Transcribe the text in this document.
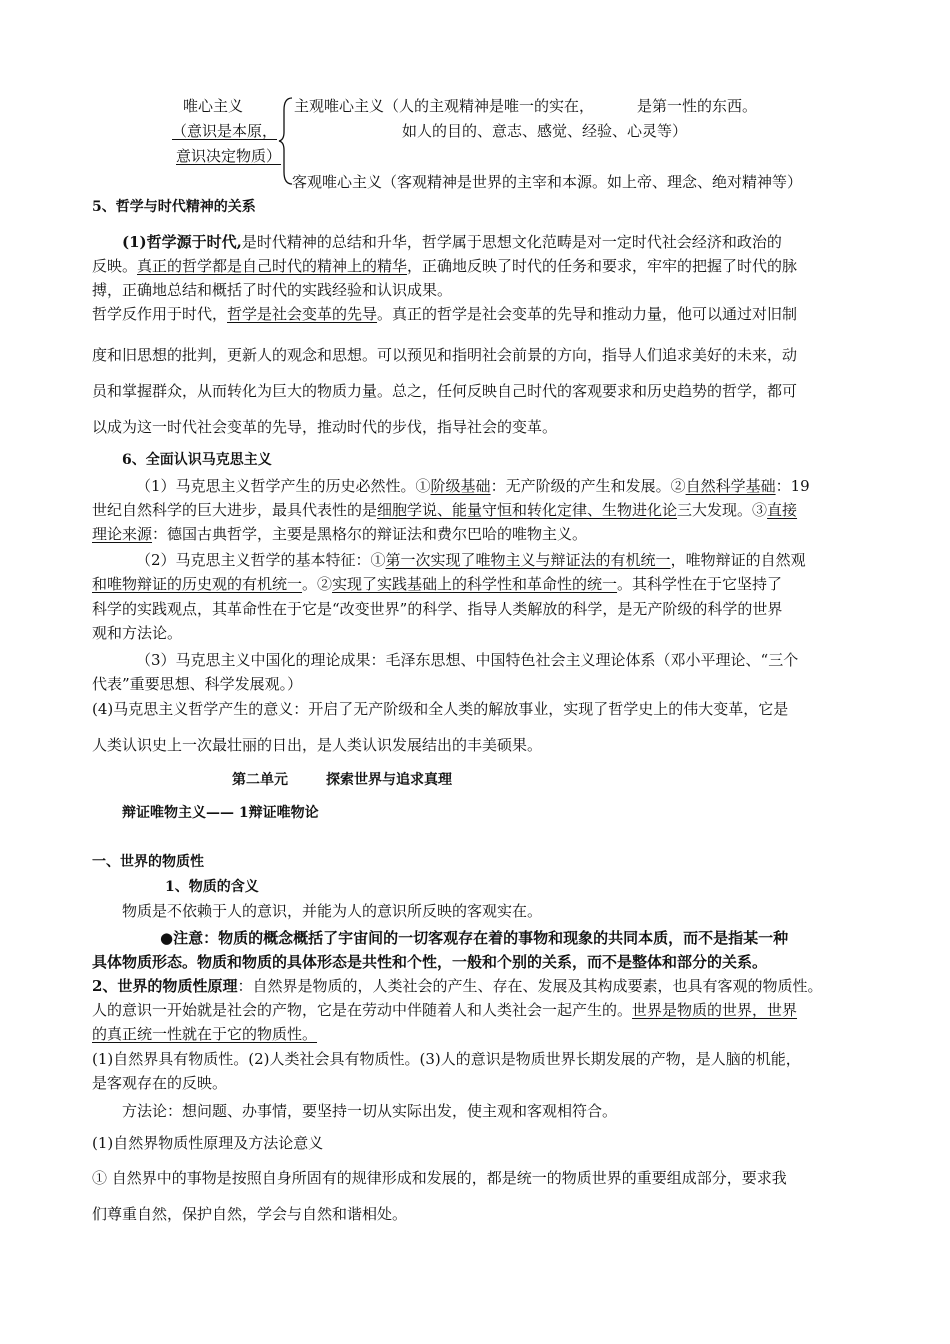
唯心主义
（意识是本原，
意识决定物质）
主观唯心主义（人的主观精神是唯一的实在，	是第一性的东西。
如人的目的、意志、感觉、经验、心灵等）
客观唯心主义（客观精神是世界的主宰和本源。如上帝、理念、绝对精神等）
5、哲学与时代精神的关系
(1)哲学源于时代,是时代精神的总结和升华，哲学属于思想文化范畴是对一定时代社会经济和政治的
反映。真正的哲学都是自己时代的精神上的精华，正确地反映了时代的任务和要求，牢牢的把握了时代的脉
搏，正确地总结和概括了时代的实践经验和认识成果。
哲学反作用于时代，哲学是社会变革的先导。真正的哲学是社会变革的先导和推动力量，他可以通过对旧制
度和旧思想的批判，更新人的观念和思想。可以预见和指明社会前景的方向，指导人们追求美好的未来，动
员和掌握群众，从而转化为巨大的物质力量。总之，任何反映自己时代的客观要求和历史趋势的哲学，都可
以成为这一时代社会变革的先导，推动时代的步伐，指导社会的变革。
6、全面认识马克思主义
（1）马克思主义哲学产生的历史必然性。①阶级基础：无产阶级的产生和发展。②自然科学基础：19
世纪自然科学的巨大进步，最具代表性的是细胞学说、能量守恒和转化定律、生物进化论三大发现。③直接
理论来源：德国古典哲学，主要是黑格尔的辩证法和费尔巴哈的唯物主义。
（2）马克思主义哲学的基本特征：①第一次实现了唯物主义与辩证法的有机统一，唯物辩证的自然观
和唯物辩证的历史观的有机统一。②实现了实践基础上的科学性和革命性的统一。其科学性在于它坚持了
科学的实践观点，其革命性在于它是“改变世界”的科学、指导人类解放的科学，是无产阶级的科学的世界
观和方法论。
（3）马克思主义中国化的理论成果：毛泽东思想、中国特色社会主义理论体系（邓小平理论、“三个
代表”重要思想、科学发展观。）
(4)马克思主义哲学产生的意义：开启了无产阶级和全人类的解放事业，实现了哲学史上的伟大变革，它是
人类认识史上一次最壮丽的日出，是人类认识发展结出的丰美硕果。
第二单元	探索世界与追求真理
辩证唯物主义—— 1辩证唯物论
一、世界的物质性
1、物质的含义
物质是不依赖于人的意识，并能为人的意识所反映的客观实在。
●注意：物质的概念概括了宇宙间的一切客观存在着的事物和现象的共同本质，而不是指某一种
具体物质形态。物质和物质的具体形态是共性和个性，一般和个别的关系，而不是整体和部分的关系。
2、世界的物质性原理：自然界是物质的，人类社会的产生、存在、发展及其构成要素，也具有客观的物质性。
人的意识一开始就是社会的产物，它是在劳动中伴随着人和人类社会一起产生的。世界是物质的世界，世界
的真正统一性就在于它的物质性。
(1)自然界具有物质性。(2)人类社会具有物质性。(3)人的意识是物质世界长期发展的产物，是人脑的机能，
是客观存在的反映。
方法论：想问题、办事情，要坚持一切从实际出发，使主观和客观相符合。
(1)自然界物质性原理及方法论意义
① 自然界中的事物是按照自身所固有的规律形成和发展的，都是统一的物质世界的重要组成部分，要求我
们尊重自然，保护自然，学会与自然和谐相处。
